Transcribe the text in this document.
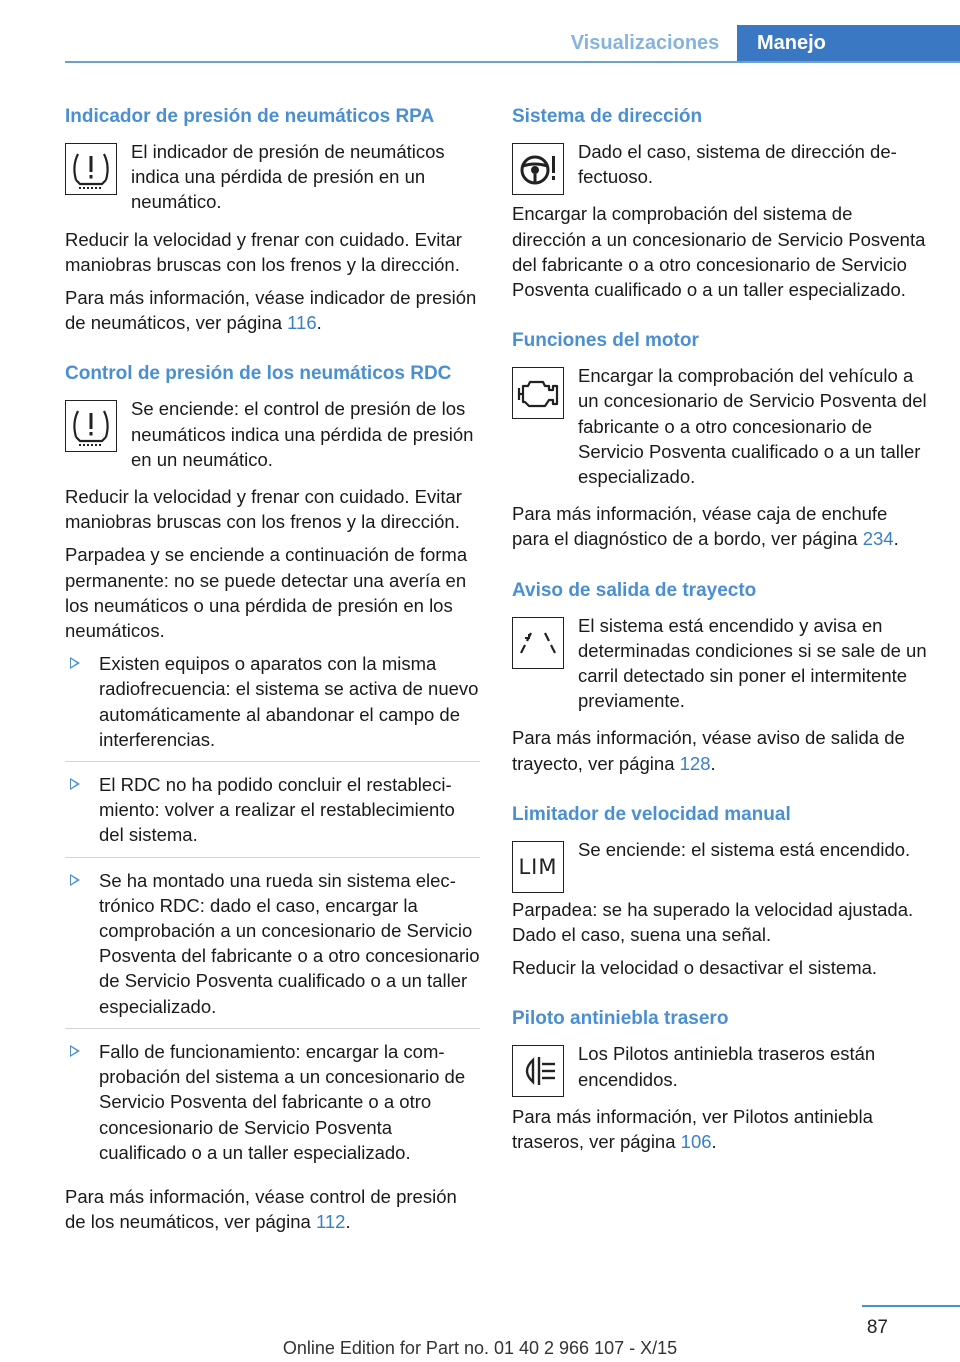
Visualizaciones	Manejo
Indicador de presión de neumáticos RPA

El indicador de presión de neumáticos indica una pérdida de presión en un neumático.

Reducir la velocidad y frenar con cuidado. Evitar maniobras bruscas con los frenos y la dirección.

Para más información, véase indicador de presión de neumáticos, ver página 116.

Control de presión de los neumáticos RDC

Se enciende: el control de presión de los neumáticos indica una pérdida de presión en un neumático.

Reducir la velocidad y frenar con cuidado. Evitar maniobras bruscas con los frenos y la dirección.

Parpadea y se enciende a continuación de forma permanente: no se puede detectar una avería en los neumáticos o una pérdida de presión en los neumáticos.

Existen equipos o aparatos con la misma radiofrecuencia: el sistema se activa de nuevo automáticamente al abandonar el campo de interferencias.
El RDC no ha podido concluir el restablecimiento: volver a realizar el restablecimiento del sistema.
Se ha montado una rueda sin sistema electrónico RDC: dado el caso, encargar la comprobación a un concesionario de Servicio Posventa del fabricante o a otro concesionario de Servicio Posventa cualificado o a un taller especializado.
Fallo de funcionamiento: encargar la comprobación del sistema a un concesionario de Servicio Posventa del fabricante o a otro concesionario de Servicio Posventa cualificado o a un taller especializado.

Para más información, véase control de presión de los neumáticos, ver página 112.

Sistema de dirección

Dado el caso, sistema de dirección defectuoso.

Encargar la comprobación del sistema de dirección a un concesionario de Servicio Posventa del fabricante o a otro concesionario de Servicio Posventa cualificado o a un taller especializado.

Funciones del motor

Encargar la comprobación del vehículo a un concesionario de Servicio Posventa del fabricante o a otro concesionario de Servicio Posventa cualificado o a un taller especializado.

Para más información, véase caja de enchufe para el diagnóstico de a bordo, ver página 234.

Aviso de salida de trayecto

El sistema está encendido y avisa en determinadas condiciones si se sale de un carril detectado sin poner el intermitente previamente.

Para más información, véase aviso de salida de trayecto, ver página 128.

Limitador de velocidad manual
LIM

Se enciende: el sistema está encendido.

Parpadea: se ha superado la velocidad ajustada. Dado el caso, suena una señal.

Reducir la velocidad o desactivar el sistema.

Piloto antiniebla trasero

Los Pilotos antiniebla traseros están encendidos.

Para más información, ver Pilotos antiniebla traseros, ver página 106.

87
Online Edition for Part no. 01 40 2 966 107 - X/15
